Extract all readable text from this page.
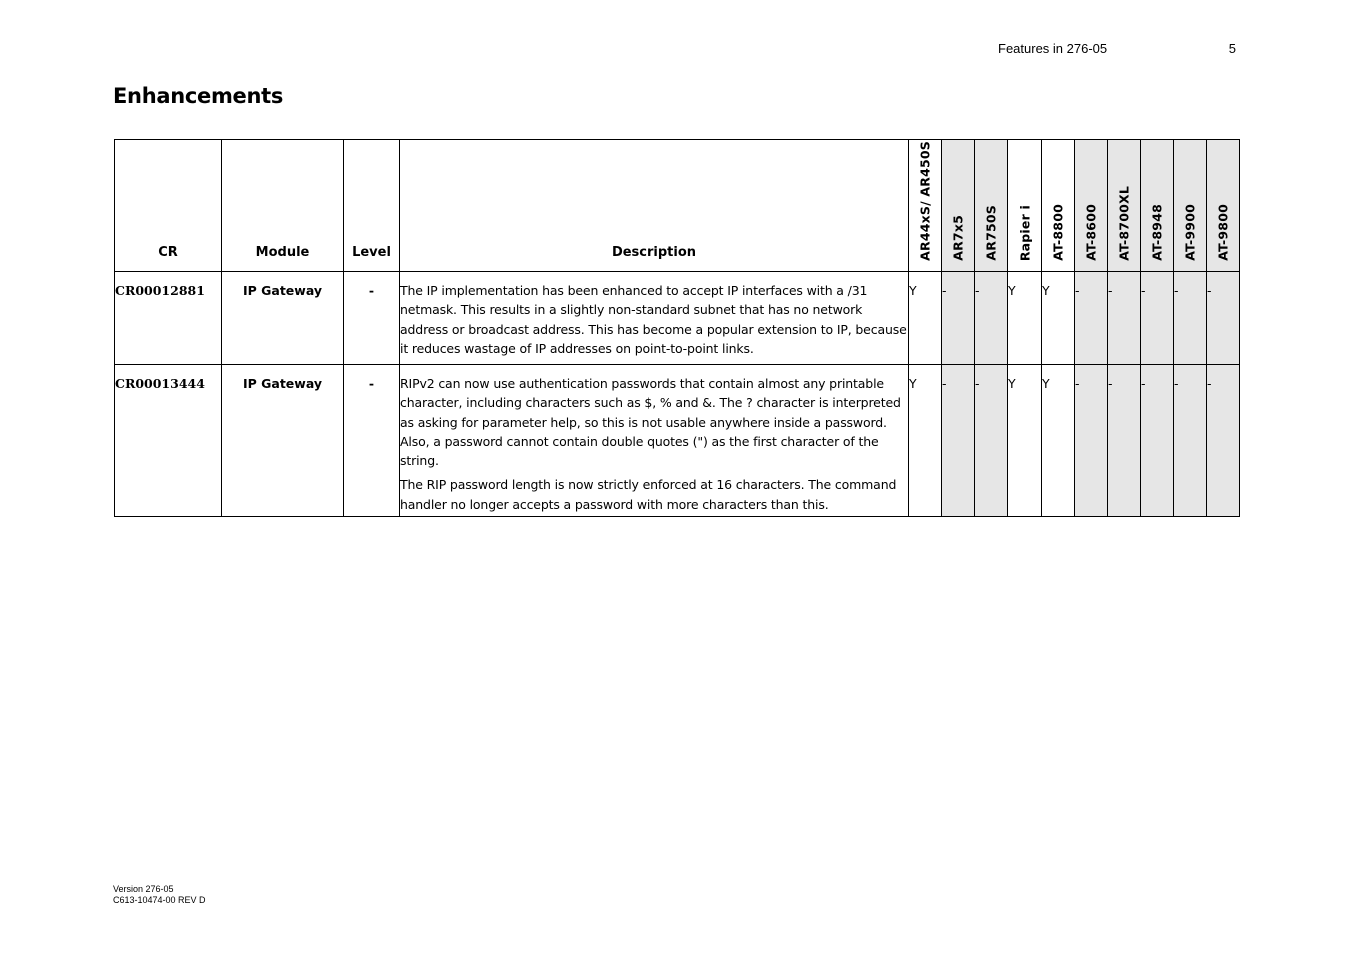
Features in 276-05	5
Enhancements
CR	Module	Level	Description	AR44xS/ AR450S	AR7x5	AR750S	Rapier i	AT-8800	AT-8600	AT-8700XL	AT-8948	AT-9900	AT-9800

CR00012881	IP Gateway	-	The IP implementation has been enhanced to accept IP interfaces with a /31 netmask. This results in a slightly non-standard subnet that has no network address or broadcast address. This has become a popular extension to IP, because it reduces wastage of IP addresses on point-to-point links.	Y	-	-	Y	Y	-	-	-	-	-
CR00013444	IP Gateway	-	RIPv2 can now use authentication passwords that contain almost any printable character, including characters such as $, % and &. The ? character is interpreted as asking for parameter help, so this is not usable anywhere inside a password. Also, a password cannot contain double quotes (") as the first character of the string.

The RIP password length is now strictly enforced at 16 characters. The command handler no longer accepts a password with more characters than this.	Y	-	-	Y	Y	-	-	-	-	-
Version 276-05
C613-10474-00 REV D
